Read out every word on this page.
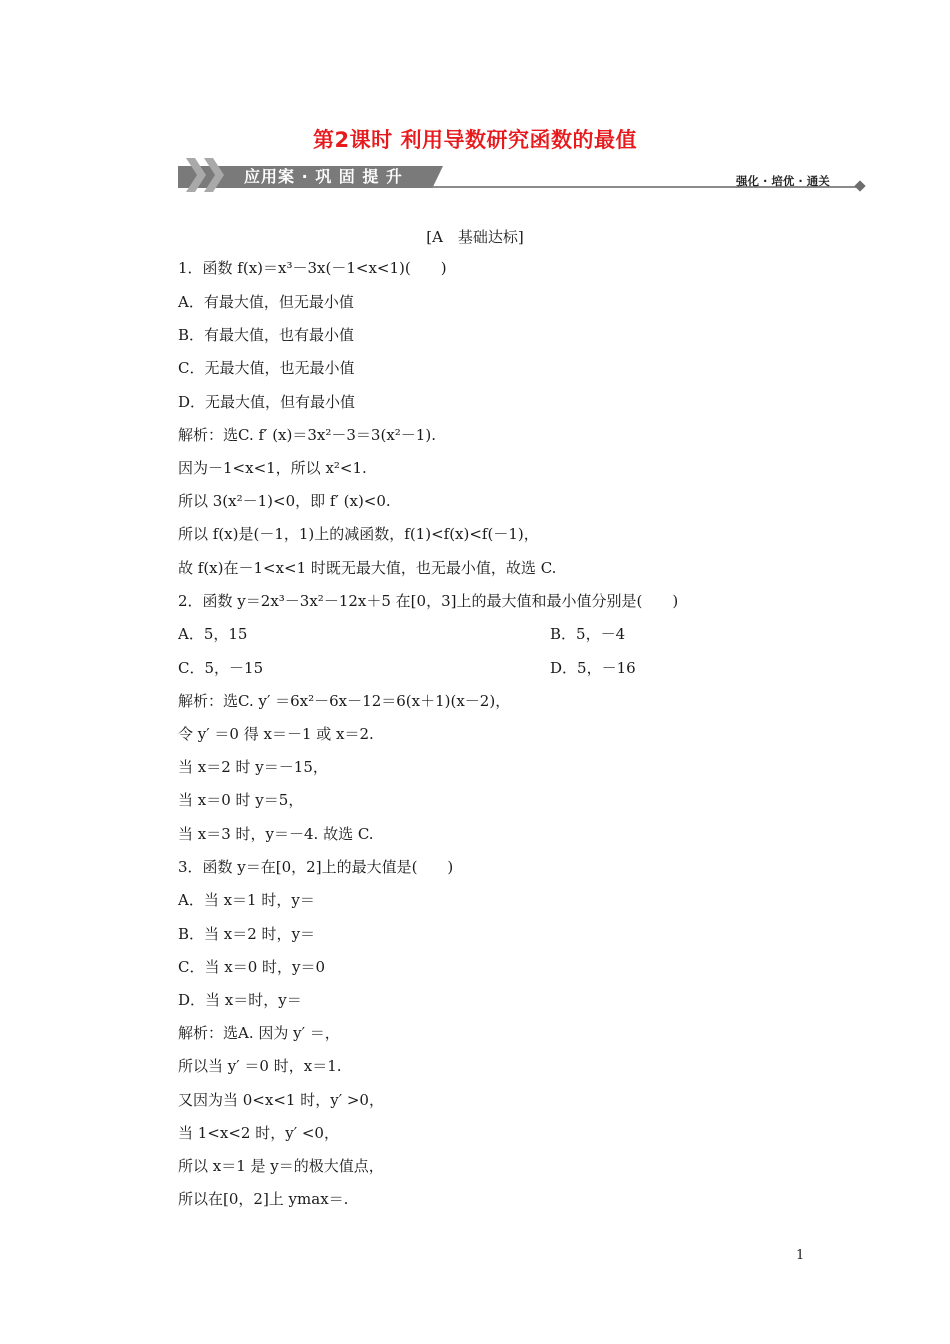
第2课时 利用导数研究函数的最值
应用案 · 巩 固 提 升	强化 · 培优 · 通关
[A　基础达标]
1．函数 f(x)＝x³－3x(－1<x<1)(　　)
A．有最大值，但无最小值
B．有最大值，也有最小值
C．无最大值，也无最小值
D．无最大值，但有最小值
解析：选C. f′ (x)＝3x²－3＝3(x²－1).
因为－1<x<1，所以 x²<1.
所以 3(x²－1)<0，即 f′ (x)<0.
所以 f(x)是(－1，1)上的减函数，f(1)<f(x)<f(－1)，
故 f(x)在－1<x<1 时既无最大值，也无最小值，故选 C.
2．函数 y＝2x³－3x²－12x＋5 在[0，3]上的最大值和最小值分别是(　　)
A．5，15	B．5，－4
C．5，－15	D．5，－16
解析：选C. y′ ＝6x²－6x－12＝6(x＋1)(x－2)，
令 y′ ＝0 得 x＝－1 或 x＝2.
当 x＝2 时 y＝－15，
当 x＝0 时 y＝5，
当 x＝3 时，y＝－4. 故选 C.
3．函数 y＝在[0，2]上的最大值是(　　)
A．当 x＝1 时，y＝
B．当 x＝2 时，y＝
C．当 x＝0 时，y＝0
D．当 x＝时，y＝
解析：选A. 因为 y′ ＝，
所以当 y′ ＝0 时，x＝1.
又因为当 0<x<1 时，y′ >0，
当 1<x<2 时，y′ <0，
所以 x＝1 是 y＝的极大值点，
所以在[0，2]上 ymax＝.
1
